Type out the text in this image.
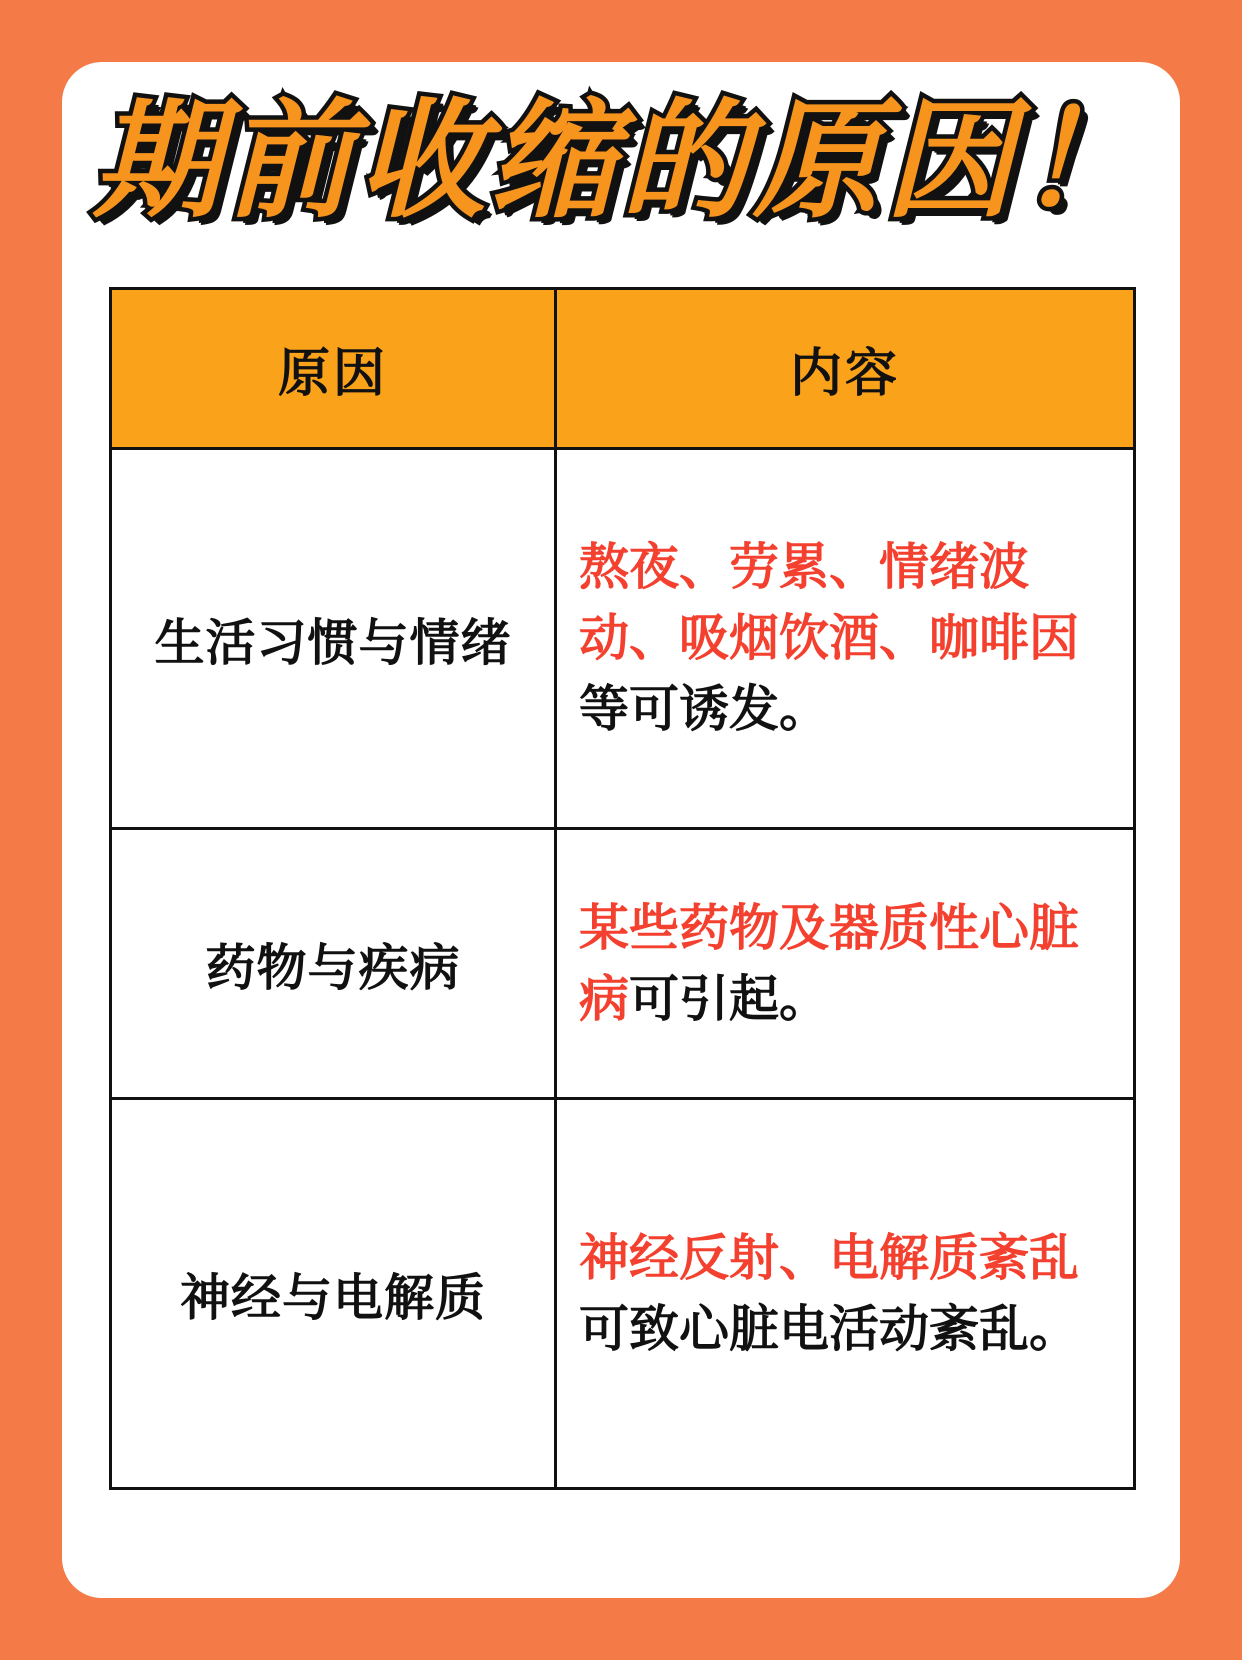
期前收缩的原因！
原因	内容
生活习惯与情绪	熬夜、劳累、情绪波动、吸烟饮酒、咖啡因等可诱发。
药物与疾病	某些药物及器质性心脏病可引起。
神经与电解质	神经反射、电解质紊乱可致心脏电活动紊乱。
